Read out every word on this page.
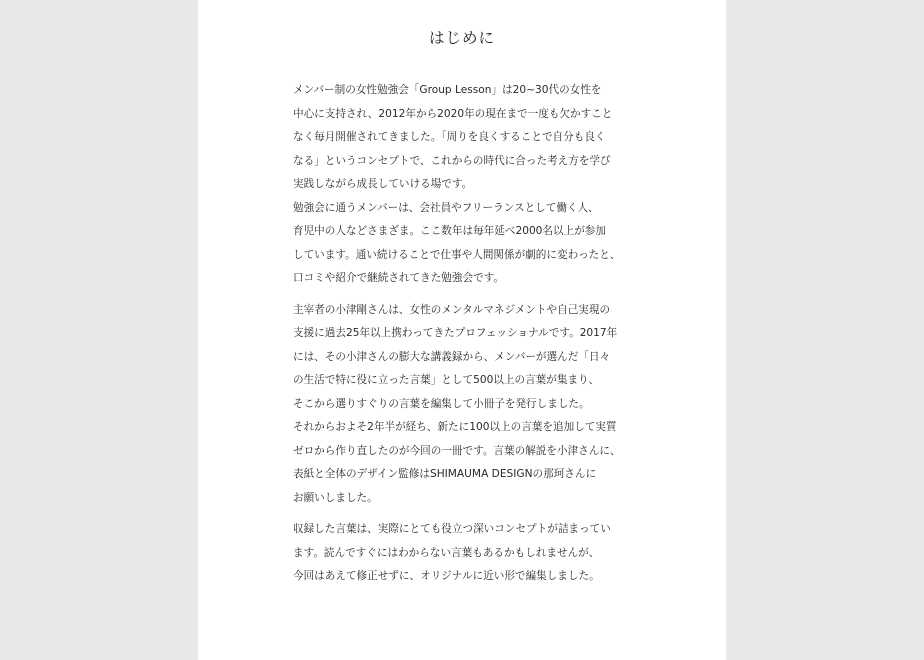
はじめに

メンバー制の女性勉強会「Group Lesson」は20~30代の女性を
中心に支持され、2012年から2020年の現在まで一度も欠かすこと
なく毎月開催されてきました。「周りを良くすることで自分も良く
なる」というコンセプトで、これからの時代に合った考え方を学び
実践しながら成長していける場です。
勉強会に通うメンバーは、会社員やフリーランスとして働く人、
育児中の人などさまざま。ここ数年は毎年延べ2000名以上が参加
しています。通い続けることで仕事や人間関係が劇的に変わったと、
口コミや紹介で継続されてきた勉強会です。

主宰者の小津剛さんは、女性のメンタルマネジメントや自己実現の
支援に過去25年以上携わってきたプロフェッショナルです。2017年
には、その小津さんの膨大な講義録から、メンバーが選んだ「日々
の生活で特に役に立った言葉」として500以上の言葉が集まり、
そこから選りすぐりの言葉を編集して小冊子を発行しました。
それからおよそ2年半が経ち、新たに100以上の言葉を追加して実質
ゼロから作り直したのが今回の一冊です。言葉の解説を小津さんに、
表紙と全体のデザイン監修はSHIMAUMA DESIGNの那珂さんに
お願いしました。

収録した言葉は、実際にとても役立つ深いコンセプトが詰まってい
ます。読んですぐにはわからない言葉もあるかもしれませんが、
今回はあえて修正せずに、オリジナルに近い形で編集しました。
